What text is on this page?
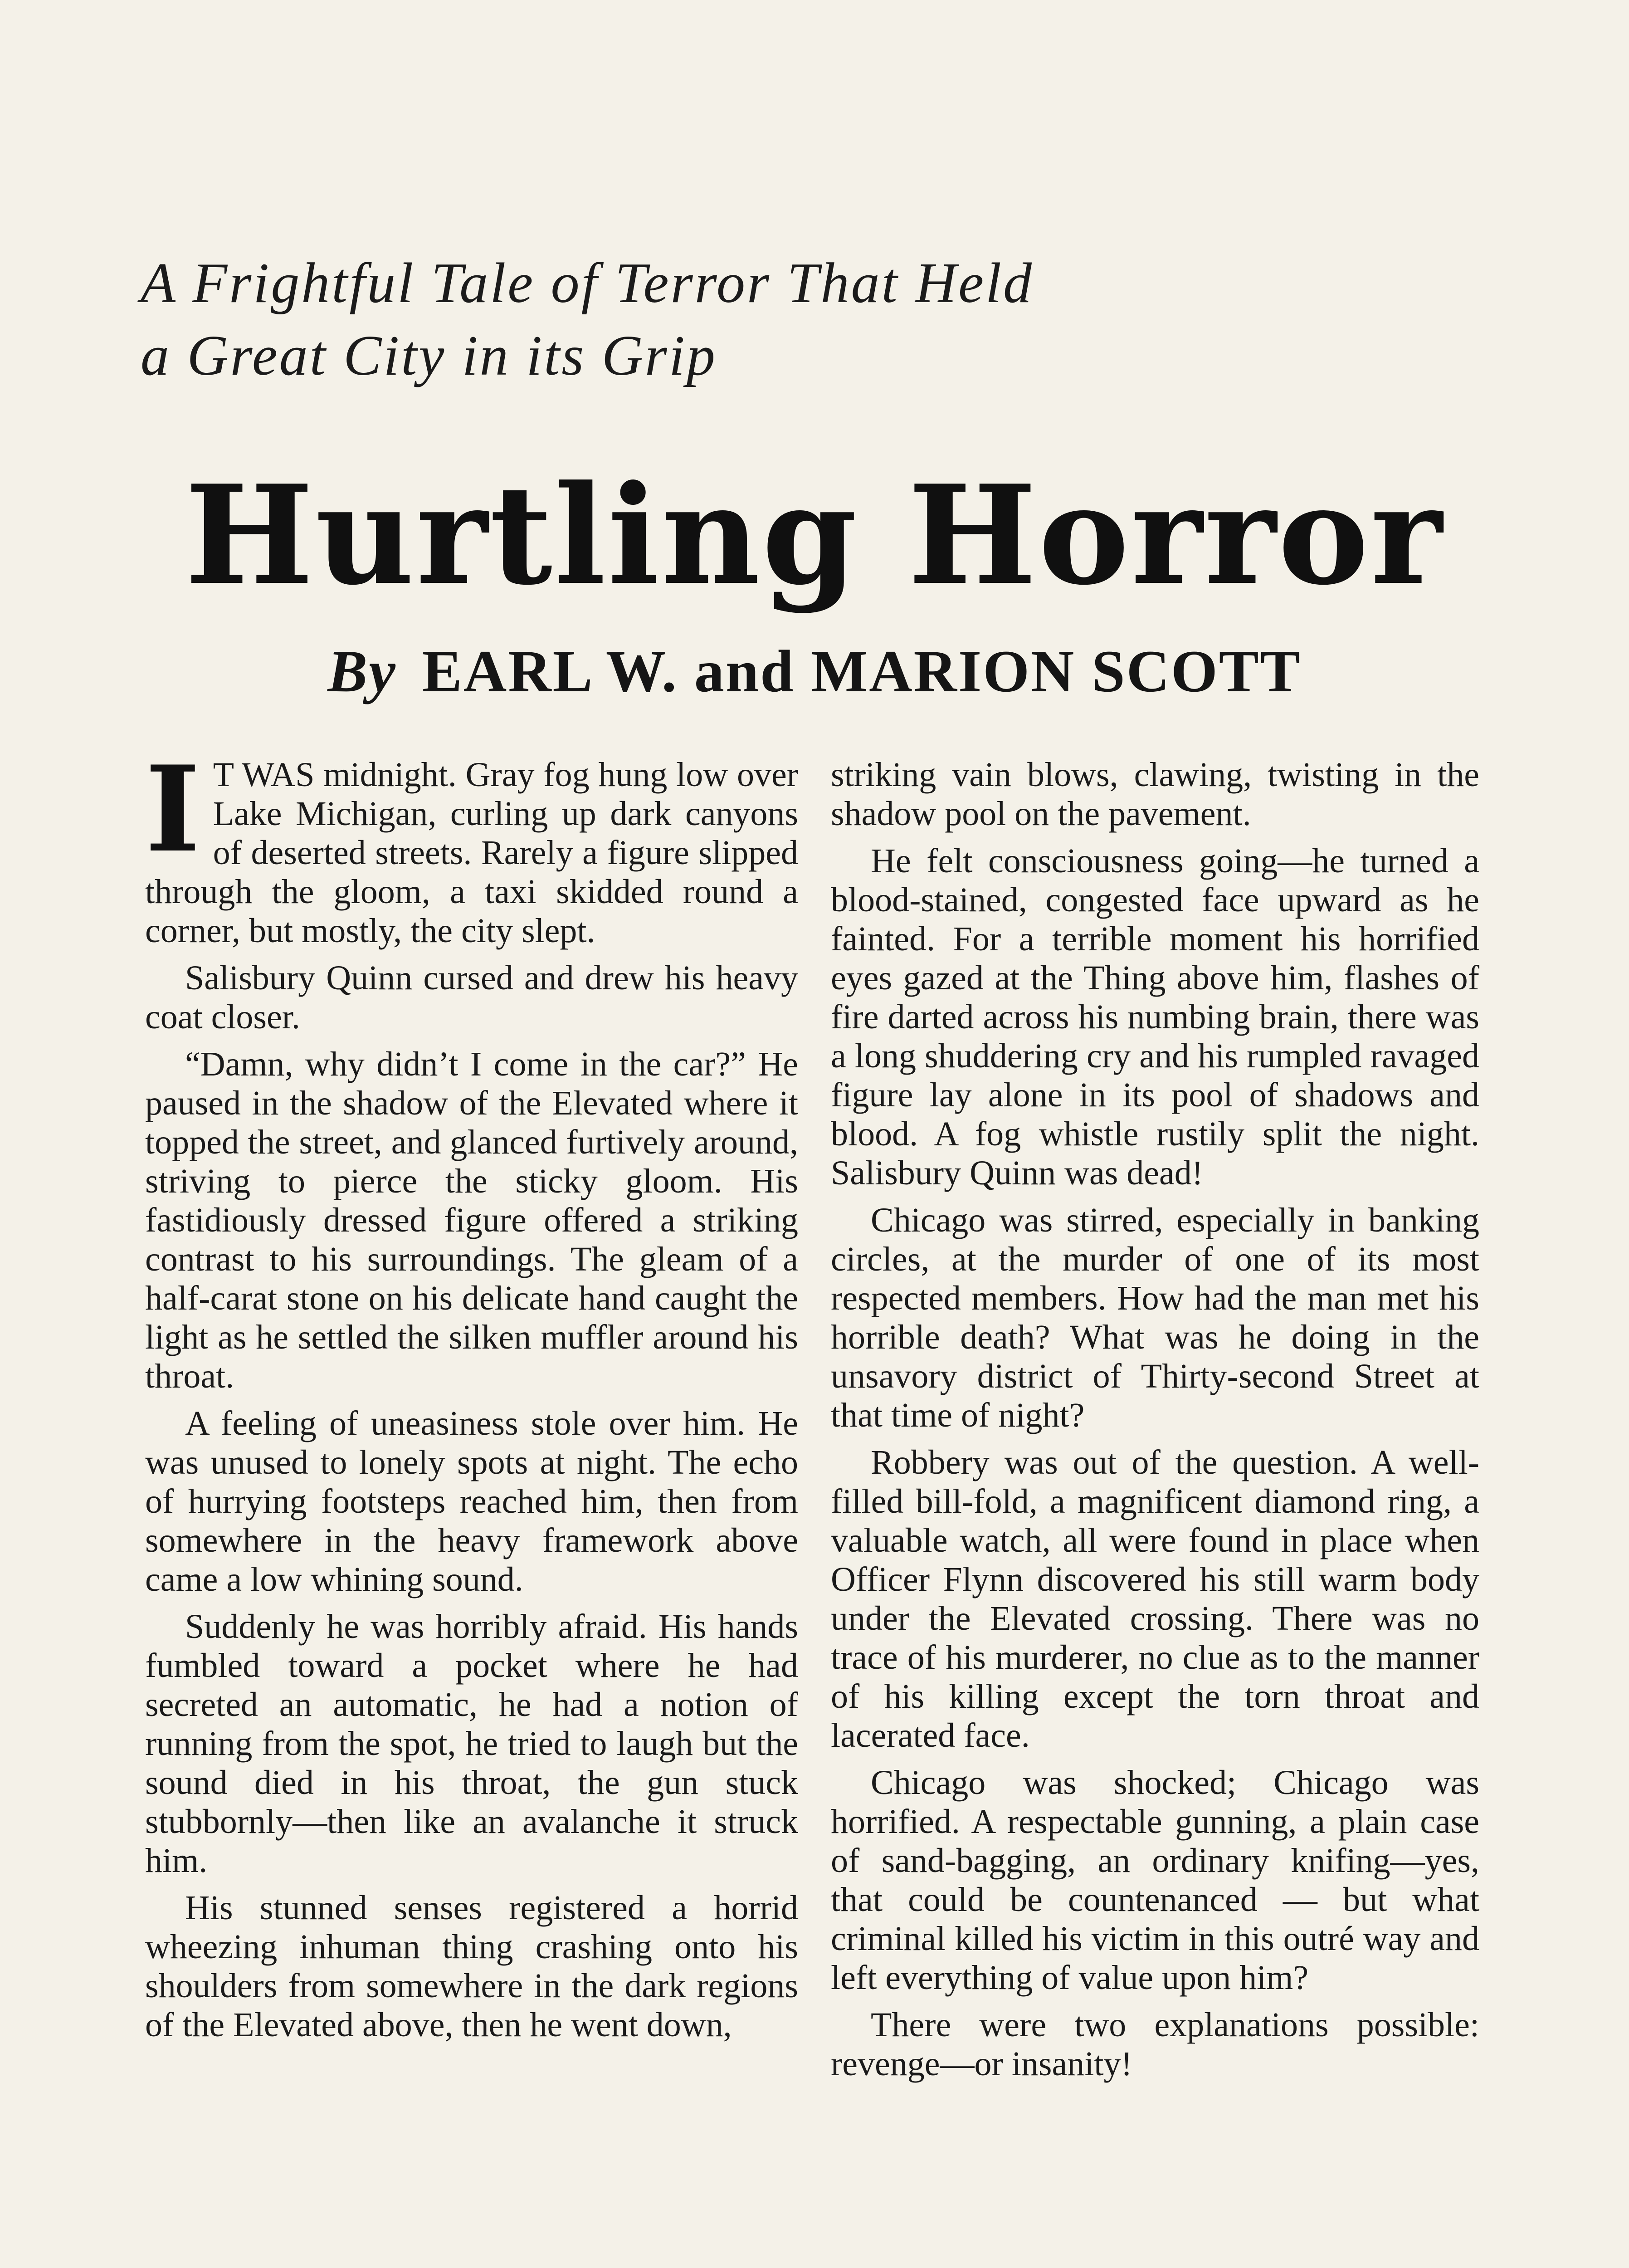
A Frightful Tale of Terror That Held
a Great City in its Grip
Hurtling Horror
By EARL W. and MARION SCOTT

I T WAS midnight. Gray fog hung low over Lake Michigan, curling up dark canyons of deserted streets. Rarely a figure slipped through the gloom, a taxi skidded round a corner, but mostly, the city slept.

Salisbury Quinn cursed and drew his heavy coat closer.

“Damn, why didn’t I come in the car?” He paused in the shadow of the Elevated where it topped the street, and glanced furtively around, striving to pierce the sticky gloom. His fastidiously dressed figure offered a striking contrast to his surroundings. The gleam of a half-carat stone on his delicate hand caught the light as he settled the silken muffler around his throat.

A feeling of uneasiness stole over him. He was unused to lonely spots at night. The echo of hurrying footsteps reached him, then from somewhere in the heavy framework above came a low whining sound.

Suddenly he was horribly afraid. His hands fumbled toward a pocket where he had secreted an automatic, he had a notion of running from the spot, he tried to laugh but the sound died in his throat, the gun stuck stubbornly—then like an avalanche it struck him.

His stunned senses registered a horrid wheezing inhuman thing crashing onto his shoulders from somewhere in the dark regions of the Elevated above, then he went down,

striking vain blows, clawing, twisting in the shadow pool on the pavement.

He felt consciousness going—he turned a blood-stained, congested face upward as he fainted. For a terrible moment his horrified eyes gazed at the Thing above him, flashes of fire darted across his numbing brain, there was a long shuddering cry and his rumpled ravaged figure lay alone in its pool of shadows and blood. A fog whistle rustily split the night. Salisbury Quinn was dead!

Chicago was stirred, especially in banking circles, at the murder of one of its most respected members. How had the man met his horrible death? What was he doing in the unsavory district of Thirty-second Street at that time of night?

Robbery was out of the question. A well-filled bill-fold, a magnificent diamond ring, a valuable watch, all were found in place when Officer Flynn discovered his still warm body under the Elevated crossing. There was no trace of his murderer, no clue as to the manner of his killing except the torn throat and lacerated face.

Chicago was shocked; Chicago was horrified. A respectable gunning, a plain case of sand-bagging, an ordinary knifing—yes, that could be countenanced — but what criminal killed his victim in this outré way and left everything of value upon him?

There were two explanations possible: revenge—or insanity!
